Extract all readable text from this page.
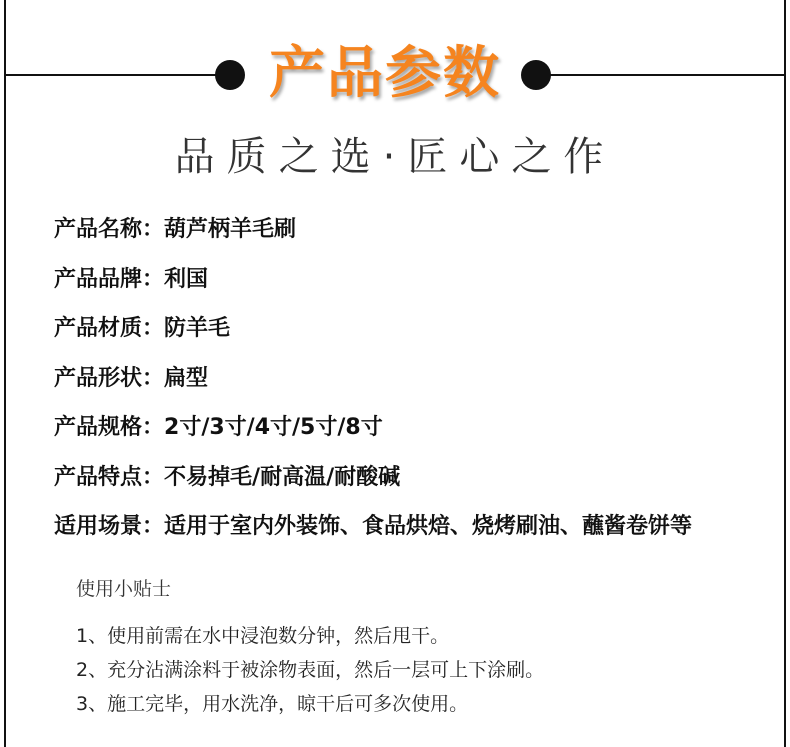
产品参数
品质之选·匠心之作
产品名称：葫芦柄羊毛刷
产品品牌：利国
产品材质：防羊毛
产品形状：扁型
产品规格：2寸/3寸/4寸/5寸/8寸
产品特点：不易掉毛/耐高温/耐酸碱
适用场景：适用于室内外装饰、食品烘焙、烧烤刷油、蘸酱卷饼等
使用小贴士
1、使用前需在水中浸泡数分钟，然后甩干。
2、充分沾满涂料于被涂物表面，然后一层可上下涂刷。
3、施工完毕，用水洗净，晾干后可多次使用。
